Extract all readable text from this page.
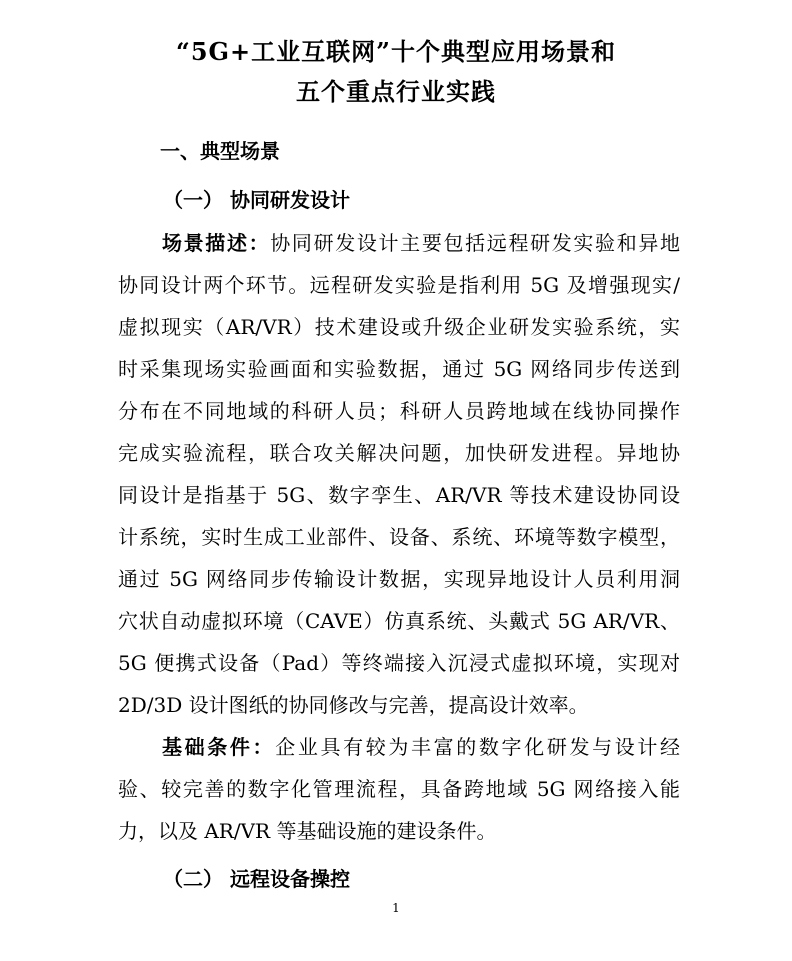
“5G+工业互联网”十个典型应用场景和
五个重点行业实践
一、典型场景
（一） 协同研发设计
场景描述：协同研发设计主要包括远程研发实验和异地
协同设计两个环节。远程研发实验是指利用 5G 及增强现实/
虚拟现实（AR/VR）技术建设或升级企业研发实验系统，实
时采集现场实验画面和实验数据，通过 5G 网络同步传送到
分布在不同地域的科研人员；科研人员跨地域在线协同操作
完成实验流程，联合攻关解决问题，加快研发进程。异地协
同设计是指基于 5G、数字孪生、AR/VR 等技术建设协同设
计系统，实时生成工业部件、设备、系统、环境等数字模型，
通过 5G 网络同步传输设计数据，实现异地设计人员利用洞
穴状自动虚拟环境（CAVE）仿真系统、头戴式 5G AR/VR、
5G 便携式设备（Pad）等终端接入沉浸式虚拟环境，实现对
2D/3D 设计图纸的协同修改与完善，提高设计效率。
基础条件：企业具有较为丰富的数字化研发与设计经
验、较完善的数字化管理流程，具备跨地域 5G 网络接入能
力，以及 AR/VR 等基础设施的建设条件。
（二） 远程设备操控
1
